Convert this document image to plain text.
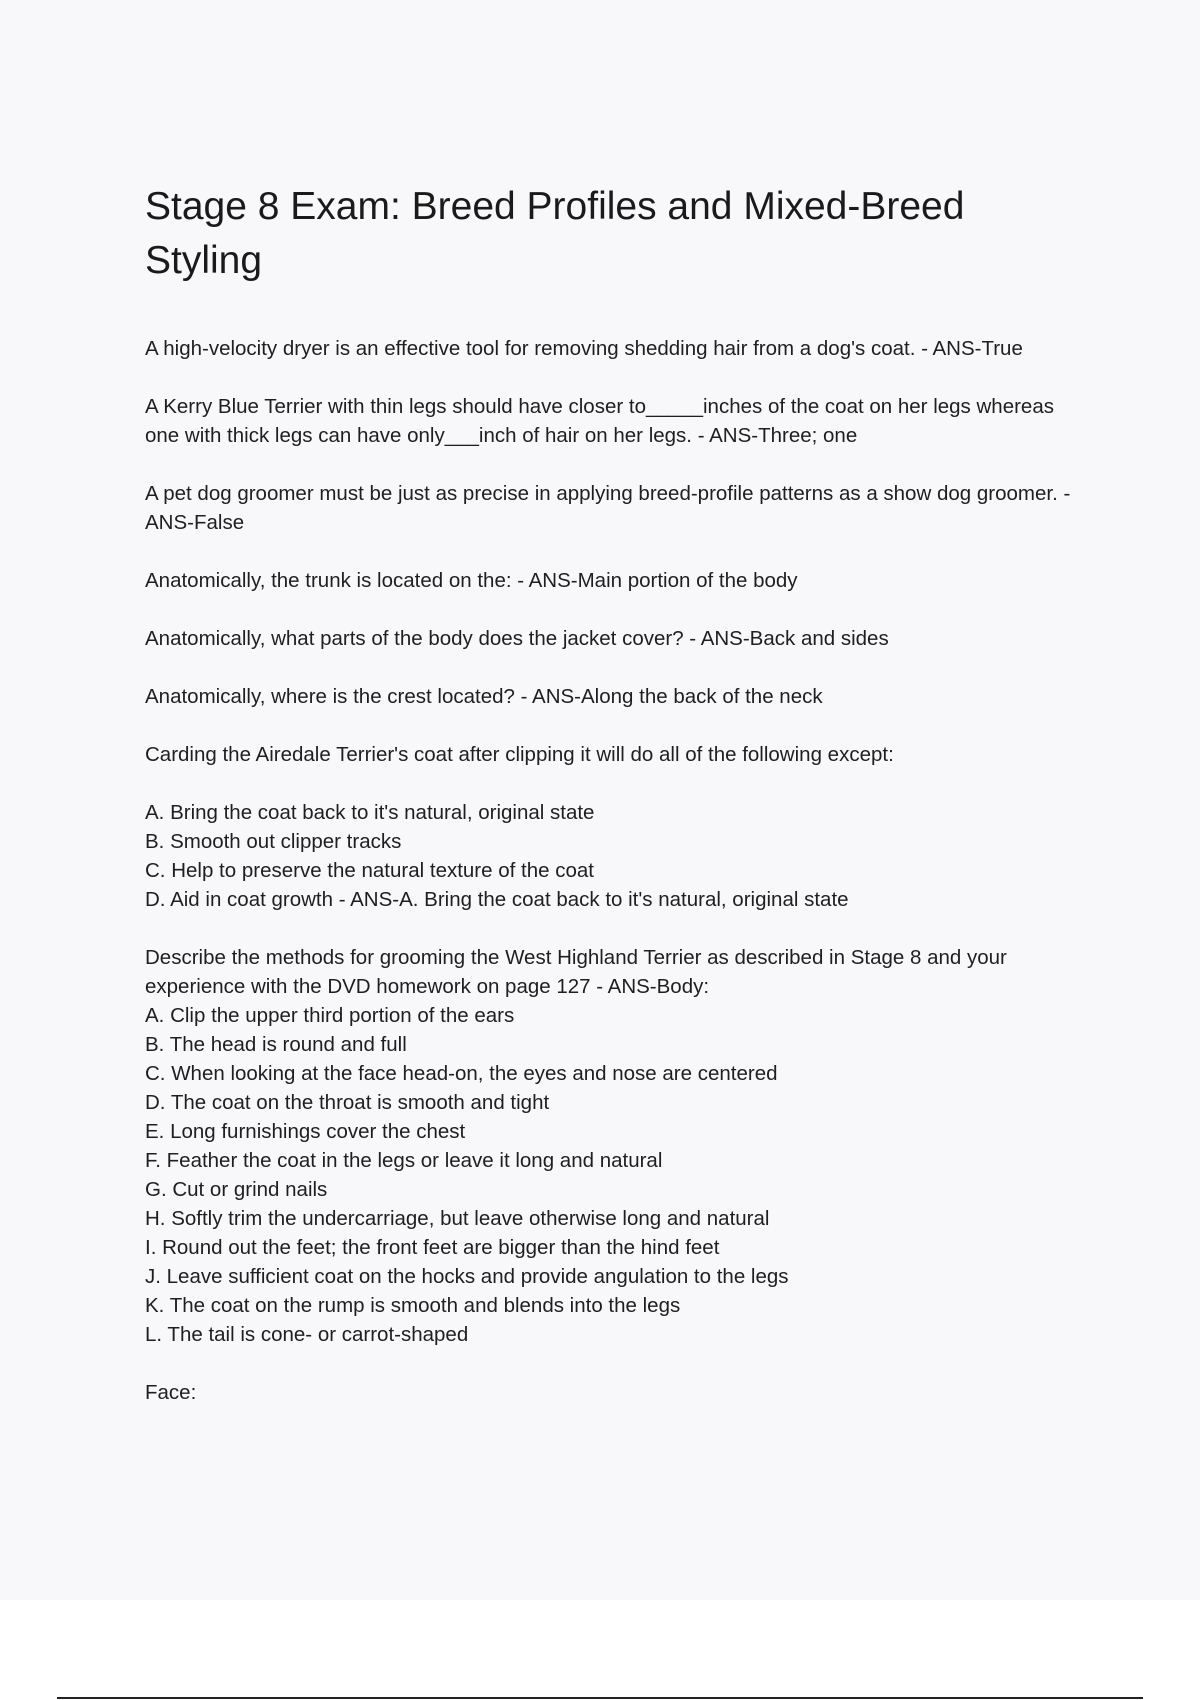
Stage 8 Exam: Breed Profiles and Mixed-Breed Styling

A high-velocity dryer is an effective tool for removing shedding hair from a dog's coat. - ANS-True

A Kerry Blue Terrier with thin legs should have closer to_____inches of the coat on her legs whereas one with thick legs can have only___inch of hair on her legs. - ANS-Three; one

A pet dog groomer must be just as precise in applying breed-profile patterns as a show dog groomer. - ANS-False

Anatomically, the trunk is located on the: - ANS-Main portion of the body

Anatomically, what parts of the body does the jacket cover? - ANS-Back and sides

Anatomically, where is the crest located? - ANS-Along the back of the neck

Carding the Airedale Terrier's coat after clipping it will do all of the following except:

A. Bring the coat back to it's natural, original state
B. Smooth out clipper tracks
C. Help to preserve the natural texture of the coat
D. Aid in coat growth - ANS-A. Bring the coat back to it's natural, original state
Describe the methods for grooming the West Highland Terrier as described in Stage 8 and your experience with the DVD homework on page 127 - ANS-Body:
A. Clip the upper third portion of the ears
B. The head is round and full
C. When looking at the face head-on, the eyes and nose are centered
D. The coat on the throat is smooth and tight
E. Long furnishings cover the chest
F. Feather the coat in the legs or leave it long and natural
G. Cut or grind nails
H. Softly trim the undercarriage, but leave otherwise long and natural
I. Round out the feet; the front feet are bigger than the hind feet
J. Leave sufficient coat on the hocks and provide angulation to the legs
K. The coat on the rump is smooth and blends into the legs
L. The tail is cone- or carrot-shaped

Face:
